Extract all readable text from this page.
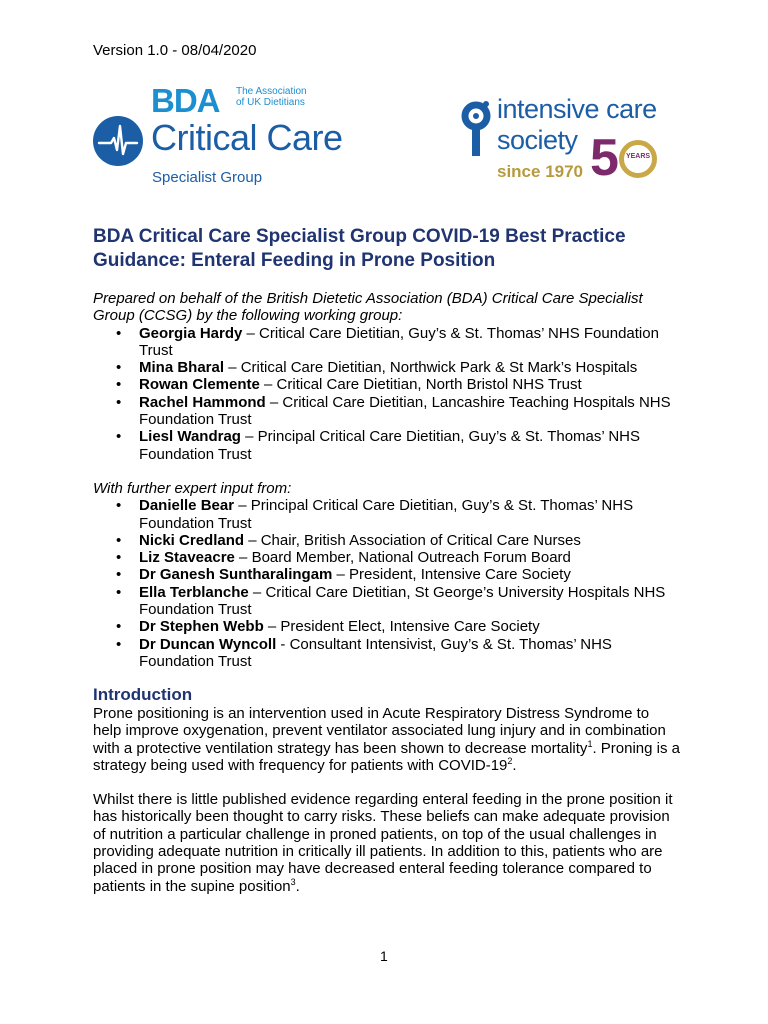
Version 1.0 - 08/04/2020
BDA The Association
of UK Dietitians
Critical Care
Specialist Group
intensive care
society
since 1970 5	YEARS
BDA Critical Care Specialist Group COVID-19 Best Practice Guidance: Enteral Feeding in Prone Position
Prepared on behalf of the British Dietetic Association (BDA) Critical Care Specialist Group (CCSG) by the following working group:
• Georgia Hardy – Critical Care Dietitian, Guy’s & St. Thomas’ NHS Foundation Trust
• Mina Bharal – Critical Care Dietitian, Northwick Park & St Mark’s Hospitals
• Rowan Clemente – Critical Care Dietitian, North Bristol NHS Trust
• Rachel Hammond – Critical Care Dietitian, Lancashire Teaching Hospitals NHS Foundation Trust
• Liesl Wandrag – Principal Critical Care Dietitian, Guy’s & St. Thomas’ NHS Foundation Trust
With further expert input from:
• Danielle Bear – Principal Critical Care Dietitian, Guy’s & St. Thomas’ NHS Foundation Trust
• Nicki Credland – Chair, British Association of Critical Care Nurses
• Liz Staveacre – Board Member, National Outreach Forum Board
• Dr Ganesh Suntharalingam – President, Intensive Care Society
• Ella Terblanche – Critical Care Dietitian, St George’s University Hospitals NHS Foundation Trust
• Dr Stephen Webb – President Elect, Intensive Care Society
• Dr Duncan Wyncoll - Consultant Intensivist, Guy’s & St. Thomas’ NHS Foundation Trust
Introduction
Prone positioning is an intervention used in Acute Respiratory Distress Syndrome to help improve oxygenation, prevent ventilator associated lung injury and in combination with a protective ventilation strategy has been shown to decrease mortality$^1$. Proning is a strategy being used with frequency for patients with COVID-$19^2$.
Whilst there is little published evidence regarding enteral feeding in the prone position it has historically been thought to carry risks. These beliefs can make adequate provision of nutrition a particular challenge in proned patients, on top of the usual challenges in providing adequate nutrition in critically ill patients. In addition to this, patients who are placed in prone position may have decreased enteral feeding tolerance compared to patients in the supine position$^3$.
1
